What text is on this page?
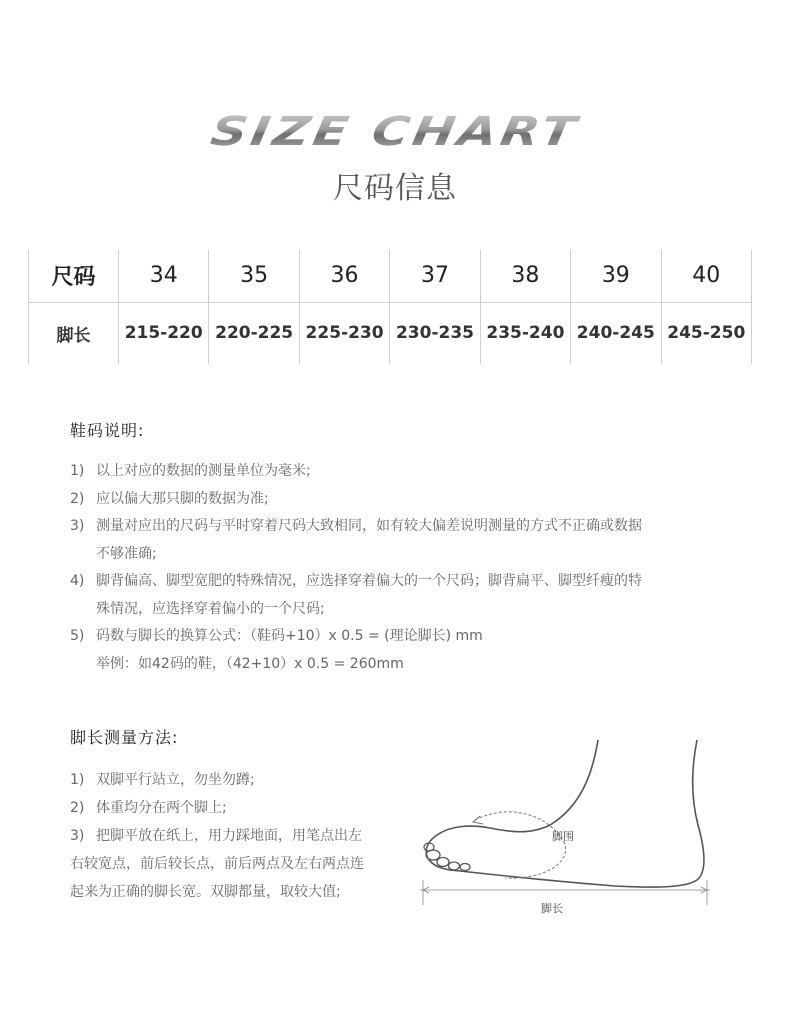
SIZE CHART
尺码信息
尺码	34	35	36	37	38	39	40
脚长	215-220	220-225	225-230	230-235	235-240	240-245	245-250
鞋码说明:
1) 以上对应的数据的测量单位为毫米;
2) 应以偏大那只脚的数据为准;
3) 测量对应出的尺码与平时穿着尺码大致相同，如有较大偏差说明测量的方式不正确或数据
不够准确;
4) 脚背偏高、脚型宽肥的特殊情况，应选择穿着偏大的一个尺码；脚背扁平、脚型纤瘦的特
殊情况，应选择穿着偏小的一个尺码;
5) 码数与脚长的换算公式：（鞋码+10）x 0.5 = (理论脚长) mm
举例：如42码的鞋，（42+10）x 0.5 = 260mm
脚长测量方法:
1) 双脚平行站立，勿坐勿蹲;
2) 体重均分在两个脚上;
3) 把脚平放在纸上，用力踩地面，用笔点出左
右较宽点，前后较长点，前后两点及左右两点连
起来为正确的脚长宽。双脚都量，取较大值;
脚围
脚长
